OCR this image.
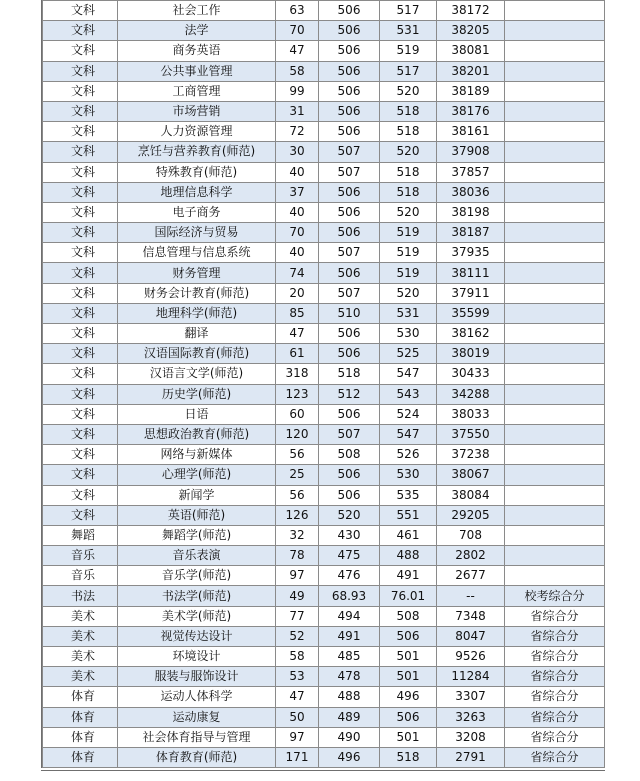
文科	社会工作	63	506	517	38172	
文科	法学	70	506	531	38205	
文科	商务英语	47	506	519	38081	
文科	公共事业管理	58	506	517	38201	
文科	工商管理	99	506	520	38189	
文科	市场营销	31	506	518	38176	
文科	人力资源管理	72	506	518	38161	
文科	烹饪与营养教育(师范)	30	507	520	37908	
文科	特殊教育(师范)	40	507	518	37857	
文科	地理信息科学	37	506	518	38036	
文科	电子商务	40	506	520	38198	
文科	国际经济与贸易	70	506	519	38187	
文科	信息管理与信息系统	40	507	519	37935	
文科	财务管理	74	506	519	38111	
文科	财务会计教育(师范)	20	507	520	37911	
文科	地理科学(师范)	85	510	531	35599	
文科	翻译	47	506	530	38162	
文科	汉语国际教育(师范)	61	506	525	38019	
文科	汉语言文学(师范)	318	518	547	30433	
文科	历史学(师范)	123	512	543	34288	
文科	日语	60	506	524	38033	
文科	思想政治教育(师范)	120	507	547	37550	
文科	网络与新媒体	56	508	526	37238	
文科	心理学(师范)	25	506	530	38067	
文科	新闻学	56	506	535	38084	
文科	英语(师范)	126	520	551	29205	
舞蹈	舞蹈学(师范)	32	430	461	708	
音乐	音乐表演	78	475	488	2802	
音乐	音乐学(师范)	97	476	491	2677	
书法	书法学(师范)	49	68.93	76.01	--	校考综合分
美术	美术学(师范)	77	494	508	7348	省综合分
美术	视觉传达设计	52	491	506	8047	省综合分
美术	环境设计	58	485	501	9526	省综合分
美术	服装与服饰设计	53	478	501	11284	省综合分
体育	运动人体科学	47	488	496	3307	省综合分
体育	运动康复	50	489	506	3263	省综合分
体育	社会体育指导与管理	97	490	501	3208	省综合分
体育	体育教育(师范)	171	496	518	2791	省综合分
